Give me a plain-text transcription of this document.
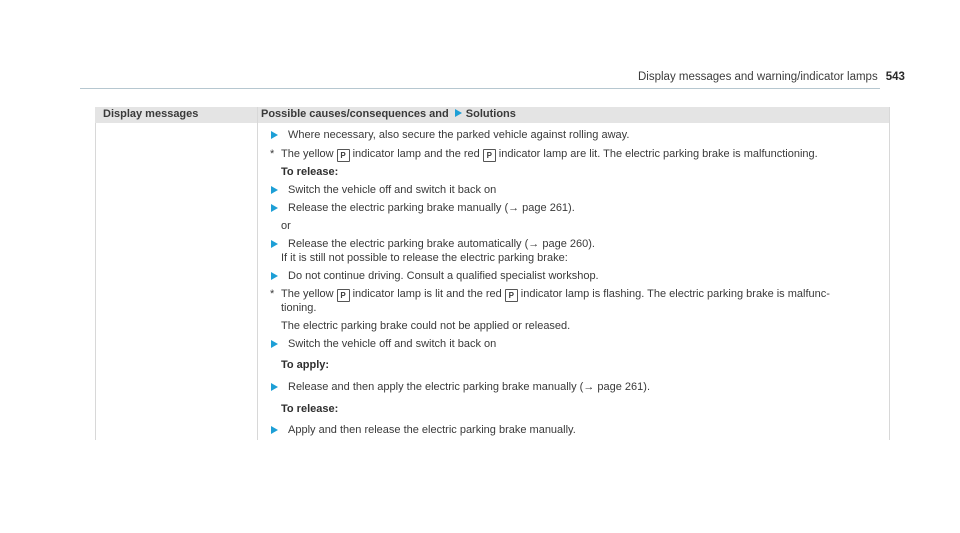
Display messages and warning/indicator lamps 543
Display messages	Possible causes/consequences and Solutions
Where necessary, also secure the parked vehicle against rolling away.
* The yellow P indicator lamp and the red P indicator lamp are lit. The electric parking brake is malfunctioning.
To release:
Switch the vehicle off and switch it back on
Release the electric parking brake manually (→ page 261).
or
Release the electric parking brake automatically (→ page 260).
If it is still not possible to release the electric parking brake:
Do not continue driving. Consult a qualified specialist workshop.
* The yellow P indicator lamp is lit and the red P indicator lamp is flashing. The electric parking brake is malfunc-
tioning.
The electric parking brake could not be applied or released.
Switch the vehicle off and switch it back on
To apply:
Release and then apply the electric parking brake manually (→ page 261).
To release:
Apply and then release the electric parking brake manually.
